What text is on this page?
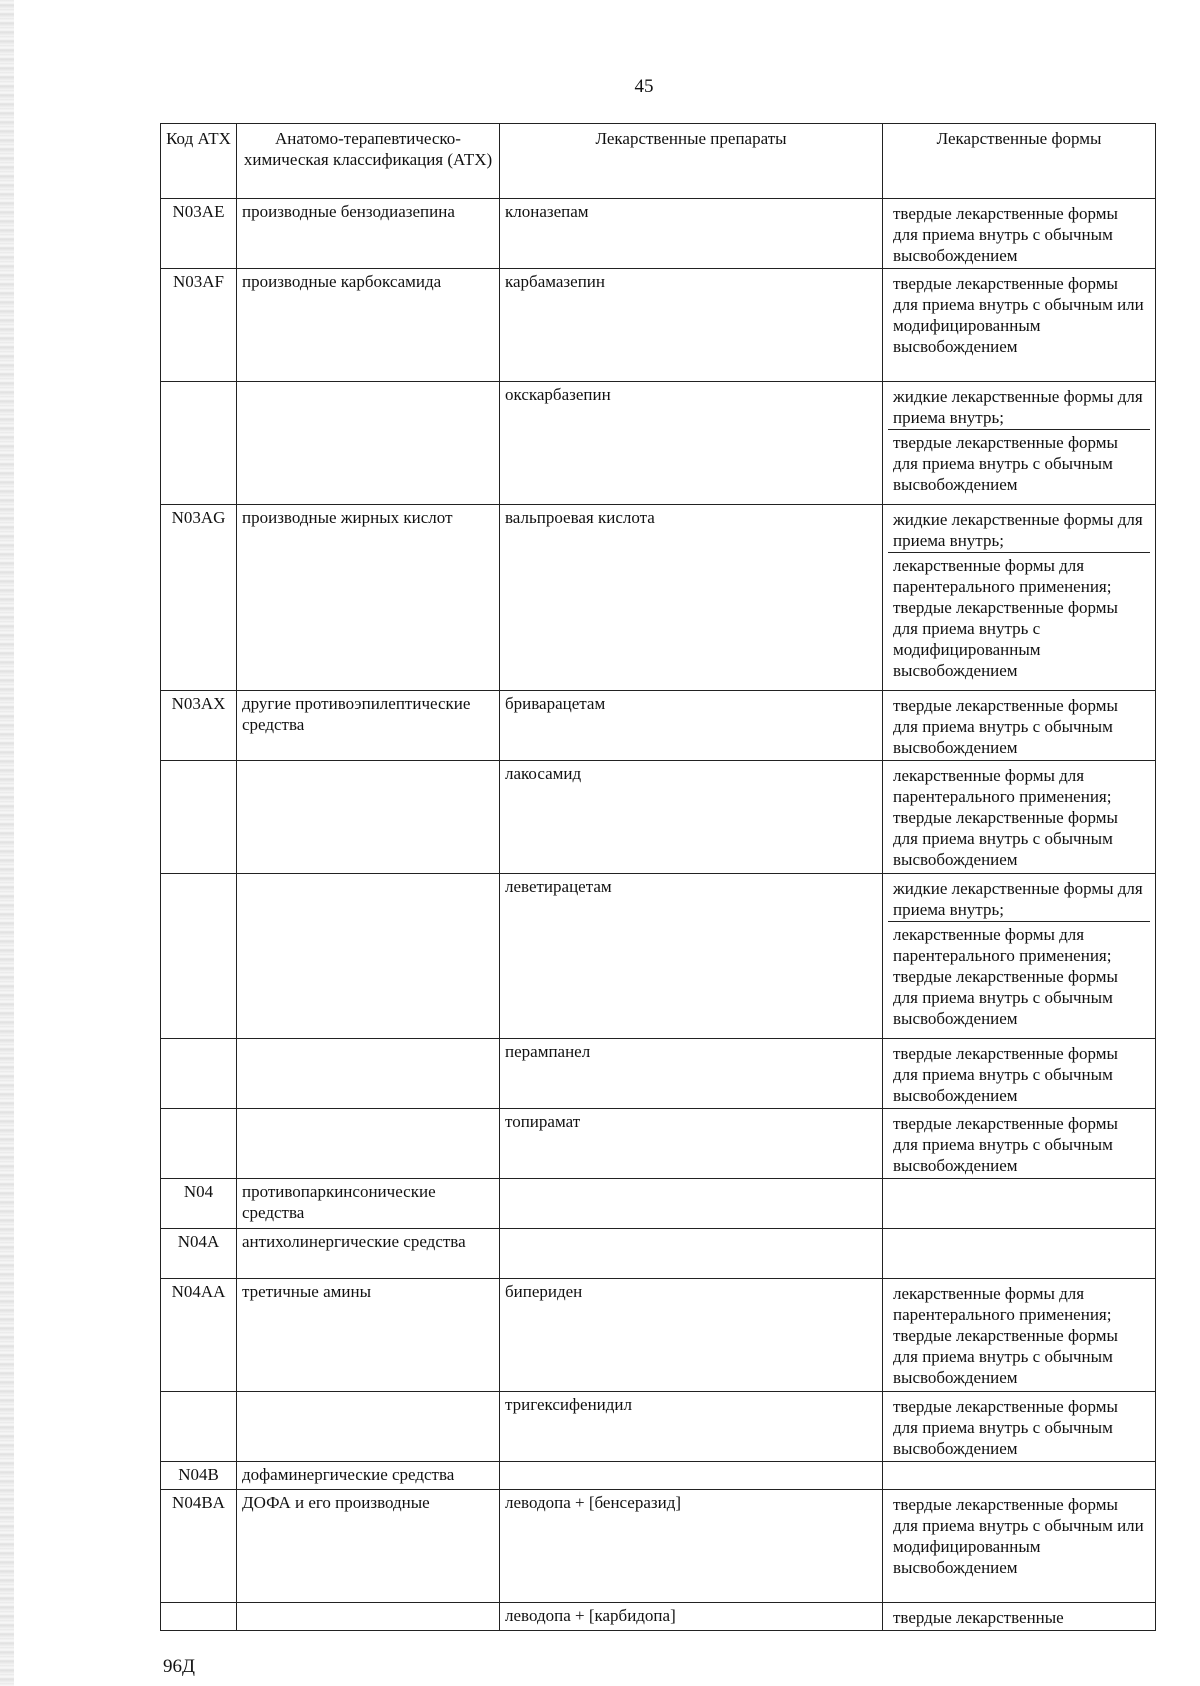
45
Код АТХ	Анатомо-терапевтическо-химическая классификация (АТХ)	Лекарственные препараты	Лекарственные формы
N03AE	производные бензодиазепина	клоназепам	твердые лекарственные формы для приема внутрь с обычным высвобождением

N03AF	производные карбоксамида	карбамазепин	твердые лекарственные формы для приема внутрь с обычным или модифицированным высвобождением

		окскарбазепин	жидкие лекарственные формы для приема внутрь;
твердые лекарственные формы для приема внутрь с обычным высвобождением

N03AG	производные жирных кислот	вальпроевая кислота	жидкие лекарственные формы для приема внутрь;
лекарственные формы для парентерального применения; твердые лекарственные формы для приема внутрь с модифицированным высвобождением

N03AX	другие противоэпилептические средства	бриварацетам	твердые лекарственные формы для приема внутрь с обычным высвобождением

		лакосамид	лекарственные формы для парентерального применения; твердые лекарственные формы для приема внутрь с обычным высвобождением

		леветирацетам	жидкие лекарственные формы для приема внутрь;
лекарственные формы для парентерального применения; твердые лекарственные формы для приема внутрь с обычным высвобождением

		перампанел	твердые лекарственные формы для приема внутрь с обычным высвобождением

		топирамат	твердые лекарственные формы для приема внутрь с обычным высвобождением

N04	противопаркинсонические средства		
N04A	антихолинергические средства		
N04AA	третичные амины	бипериден	лекарственные формы для парентерального применения; твердые лекарственные формы для приема внутрь с обычным высвобождением

		тригексифенидил	твердые лекарственные формы для приема внутрь с обычным высвобождением

N04B	дофаминергические средства		
N04BA	ДОФА и его производные	леводопа + [бенсеразид]	твердые лекарственные формы для приема внутрь с обычным или модифицированным высвобождением

		леводопа + [карбидопа]	твердые лекарственные
96Д
